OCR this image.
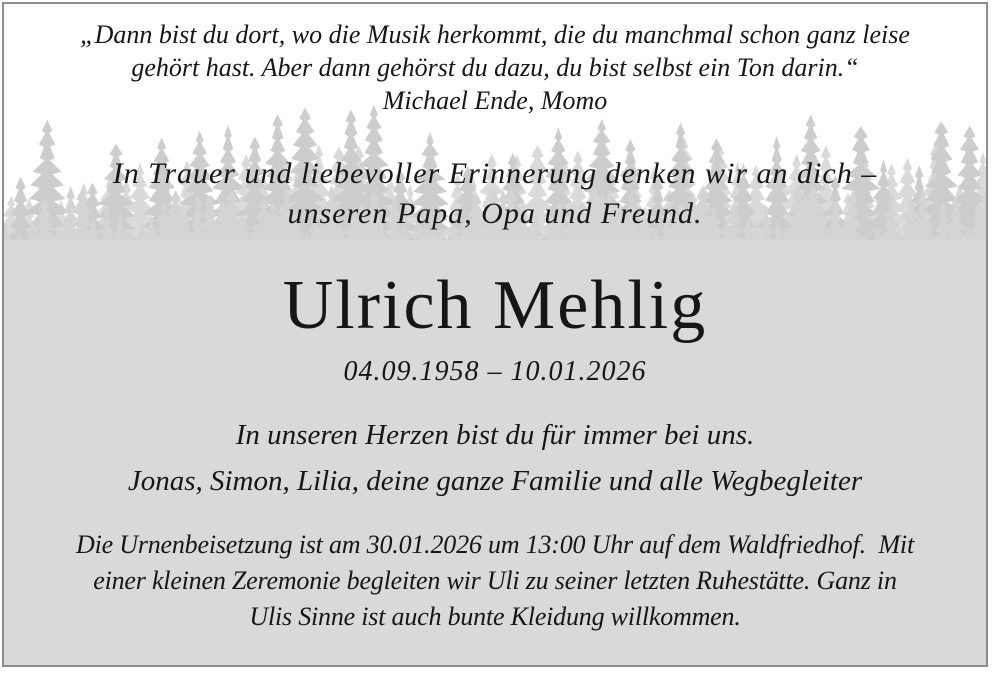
„Dann bist du dort, wo die Musik herkommt, die du manchmal schon ganz leise
gehört hast. Aber dann gehörst du dazu, du bist selbst ein Ton darin.“
Michael Ende, Momo
In Trauer und liebevoller Erinnerung denken wir an dich –
unseren Papa, Opa und Freund.
Ulrich Mehlig
04.09.1958 – 10.01.2026
In unseren Herzen bist du für immer bei uns.
Jonas, Simon, Lilia, deine ganze Familie und alle Wegbegleiter
Die Urnenbeisetzung ist am 30.01.2026 um 13:00 Uhr auf dem Waldfriedhof.  Mit
einer kleinen Zeremonie begleiten wir Uli zu seiner letzten Ruhestätte. Ganz in
Ulis Sinne ist auch bunte Kleidung willkommen.
